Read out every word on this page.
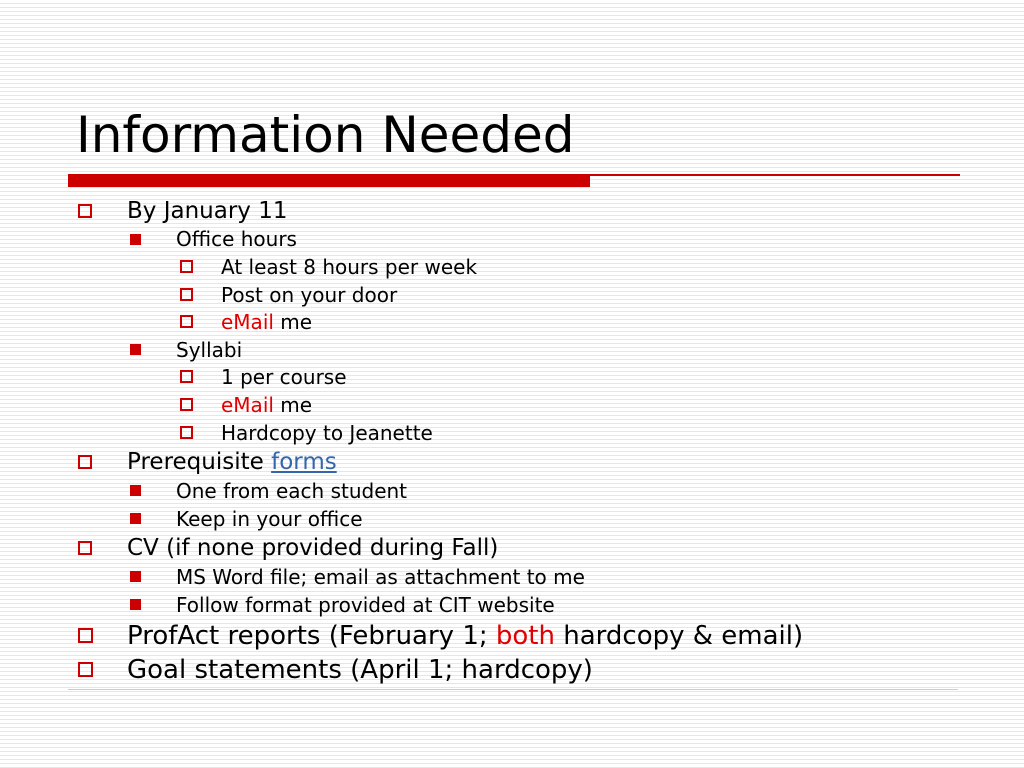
Information Needed
By January 11
Office hours
At least 8 hours per week
Post on your door
eMail me
Syllabi
1 per course
eMail me
Hardcopy to Jeanette
Prerequisite forms
One from each student
Keep in your office
CV (if none provided during Fall)
MS Word file; email as attachment to me
Follow format provided at CIT website
ProfAct reports (February 1; both hardcopy & email)
Goal statements (April 1; hardcopy)
